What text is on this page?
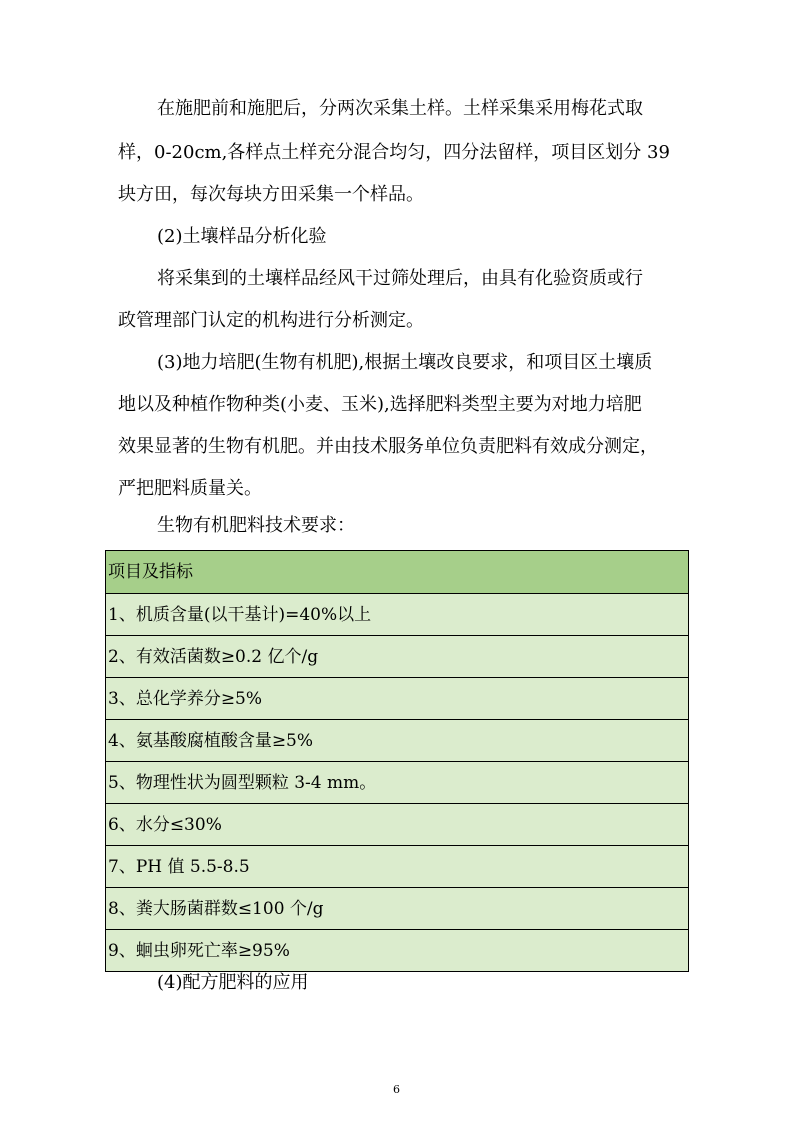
在施肥前和施肥后，分两次采集土样。土样采集采用梅花式取
样，0-20cm,各样点土样充分混合均匀，四分法留样，项目区划分 39
块方田，每次每块方田采集一个样品。
(2)土壤样品分析化验
将采集到的土壤样品经风干过筛处理后，由具有化验资质或行
政管理部门认定的机构进行分析测定。
(3)地力培肥(生物有机肥),根据土壤改良要求，和项目区土壤质
地以及种植作物种类(小麦、玉米),选择肥料类型主要为对地力培肥
效果显著的生物有机肥。并由技术服务单位负责肥料有效成分测定，
严把肥料质量关。
生物有机肥料技术要求：
项目及指标
1、机质含量(以干基计)=40%以上
2、有效活菌数≥0.2 亿个/g
3、总化学养分≥5%
4、氨基酸腐植酸含量≥5%
5、物理性状为圆型颗粒 3-4 mm。
6、水分≤30%
7、PH 值 5.5-8.5
8、粪大肠菌群数≤100 个/g
9、蛔虫卵死亡率≥95%
(4)配方肥料的应用
6
